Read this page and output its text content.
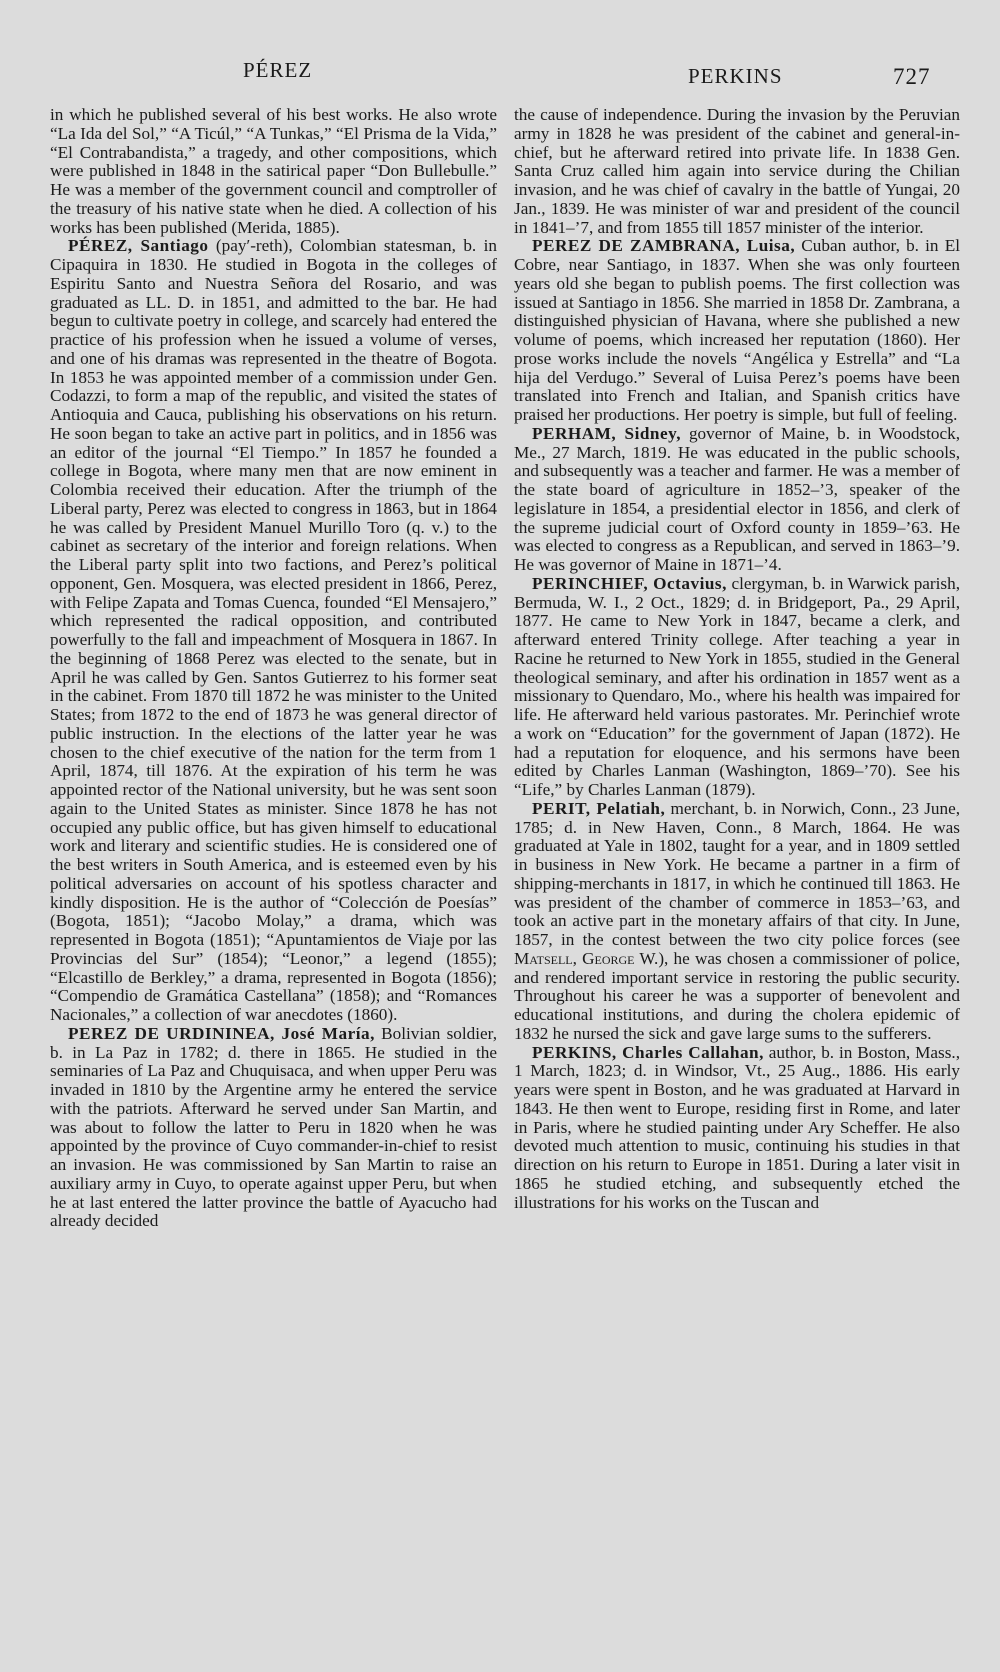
PÉREZ	PERKINS	727

in which he published several of his best works. He also wrote “La Ida del Sol,” “A Ticúl,” “A Tunkas,” “El Prisma de la Vida,” “El Contrabandista,” a tragedy, and other compositions, which were published in 1848 in the satirical paper “Don Bullebulle.” He was a member of the government council and comptroller of the treasury of his native state when he died. A collection of his works has been published (Merida, 1885).

PÉREZ, Santiago (pay′-reth), Colombian statesman, b. in Cipaquira in 1830. He studied in Bogota in the colleges of Espiritu Santo and Nuestra Señora del Rosario, and was graduated as LL. D. in 1851, and admitted to the bar. He had begun to cultivate poetry in college, and scarcely had entered the practice of his profession when he issued a volume of verses, and one of his dramas was represented in the theatre of Bogota. In 1853 he was appointed member of a commission under Gen. Codazzi, to form a map of the republic, and visited the states of Antioquia and Cauca, publishing his observations on his return. He soon began to take an active part in politics, and in 1856 was an editor of the journal “El Tiempo.” In 1857 he founded a college in Bogota, where many men that are now eminent in Colombia received their education. After the triumph of the Liberal party, Perez was elected to congress in 1863, but in 1864 he was called by President Manuel Murillo Toro (q. v.) to the cabinet as secretary of the interior and foreign relations. When the Liberal party split into two factions, and Perez’s political opponent, Gen. Mosquera, was elected president in 1866, Perez, with Felipe Zapata and Tomas Cuenca, founded “El Mensajero,” which represented the radical opposition, and contributed powerfully to the fall and impeachment of Mosquera in 1867. In the beginning of 1868 Perez was elected to the senate, but in April he was called by Gen. Santos Gutierrez to his former seat in the cabinet. From 1870 till 1872 he was minister to the United States; from 1872 to the end of 1873 he was general director of public instruction. In the elections of the latter year he was chosen to the chief executive of the nation for the term from 1 April, 1874, till 1876. At the expiration of his term he was appointed rector of the National university, but he was sent soon again to the United States as minister. Since 1878 he has not occupied any public office, but has given himself to educational work and literary and scientific studies. He is considered one of the best writers in South America, and is esteemed even by his political adversaries on account of his spotless character and kindly disposition. He is the author of “Colección de Poesías” (Bogota, 1851); “Jacobo Molay,” a drama, which was represented in Bogota (1851); “Apuntamientos de Viaje por las Provincias del Sur” (1854); “Leonor,” a legend (1855); “Elcastillo de Berkley,” a drama, represented in Bogota (1856); “Compendio de Gramática Castellana” (1858); and “Romances Nacionales,” a collection of war anecdotes (1860).

PEREZ DE URDININEA, José María, Bolivian soldier, b. in La Paz in 1782; d. there in 1865. He studied in the seminaries of La Paz and Chuquisaca, and when upper Peru was invaded in 1810 by the Argentine army he entered the service with the patriots. Afterward he served under San Martin, and was about to follow the latter to Peru in 1820 when he was appointed by the province of Cuyo commander-in-chief to resist an invasion. He was commissioned by San Martin to raise an auxiliary army in Cuyo, to operate against upper Peru, but when he at last entered the latter province the battle of Ayacucho had already decided

the cause of independence. During the invasion by the Peruvian army in 1828 he was president of the cabinet and general-in-chief, but he afterward retired into private life. In 1838 Gen. Santa Cruz called him again into service during the Chilian invasion, and he was chief of cavalry in the battle of Yungai, 20 Jan., 1839. He was minister of war and president of the council in 1841–’7, and from 1855 till 1857 minister of the interior.

PEREZ DE ZAMBRANA, Luisa, Cuban author, b. in El Cobre, near Santiago, in 1837. When she was only fourteen years old she began to publish poems. The first collection was issued at Santiago in 1856. She married in 1858 Dr. Zambrana, a distinguished physician of Havana, where she published a new volume of poems, which increased her reputation (1860). Her prose works include the novels “Angélica y Estrella” and “La hija del Verdugo.” Several of Luisa Perez’s poems have been translated into French and Italian, and Spanish critics have praised her productions. Her poetry is simple, but full of feeling.

PERHAM, Sidney, governor of Maine, b. in Woodstock, Me., 27 March, 1819. He was educated in the public schools, and subsequently was a teacher and farmer. He was a member of the state board of agriculture in 1852–’3, speaker of the legislature in 1854, a presidential elector in 1856, and clerk of the supreme judicial court of Oxford county in 1859–’63. He was elected to congress as a Republican, and served in 1863–’9. He was governor of Maine in 1871–’4.

PERINCHIEF, Octavius, clergyman, b. in Warwick parish, Bermuda, W. I., 2 Oct., 1829; d. in Bridgeport, Pa., 29 April, 1877. He came to New York in 1847, became a clerk, and afterward entered Trinity college. After teaching a year in Racine he returned to New York in 1855, studied in the General theological seminary, and after his ordination in 1857 went as a missionary to Quendaro, Mo., where his health was impaired for life. He afterward held various pastorates. Mr. Perinchief wrote a work on “Education” for the government of Japan (1872). He had a reputation for eloquence, and his sermons have been edited by Charles Lanman (Washington, 1869–’70). See his “Life,” by Charles Lanman (1879).

PERIT, Pelatiah, merchant, b. in Norwich, Conn., 23 June, 1785; d. in New Haven, Conn., 8 March, 1864. He was graduated at Yale in 1802, taught for a year, and in 1809 settled in business in New York. He became a partner in a firm of shipping-merchants in 1817, in which he continued till 1863. He was president of the chamber of commerce in 1853–’63, and took an active part in the monetary affairs of that city. In June, 1857, in the contest between the two city police forces (see Matsell, George W.), he was chosen a commissioner of police, and rendered important service in restoring the public security. Throughout his career he was a supporter of benevolent and educational institutions, and during the cholera epidemic of 1832 he nursed the sick and gave large sums to the sufferers.

PERKINS, Charles Callahan, author, b. in Boston, Mass., 1 March, 1823; d. in Windsor, Vt., 25 Aug., 1886. His early years were spent in Boston, and he was graduated at Harvard in 1843. He then went to Europe, residing first in Rome, and later in Paris, where he studied painting under Ary Scheffer. He also devoted much attention to music, continuing his studies in that direction on his return to Europe in 1851. During a later visit in 1865 he studied etching, and subsequently etched the illustrations for his works on the Tuscan and
